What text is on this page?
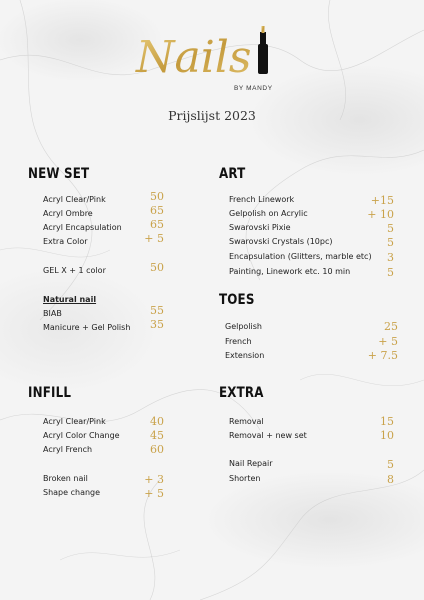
Nails
BY MANDY
Prijslijst 2023
NEW SET
Acryl Clear/Pink	50
Acryl Ombre	65
Acryl Encapsulation	65
Extra Color	+ 5
GEL X + 1 color	50
Natural nail
BIAB	55
Manicure + Gel Polish	35
ART
French Linework	+15
Gelpolish on Acrylic	+ 10
Swarovski Pixie	5
Swarovski Crystals (10pc)	5
Encapsulation (Glitters, marble etc)	3
Painting, Linework etc. 10 min	5
TOES
Gelpolish	25
French	+ 5
Extension	+ 7.5
INFILL
Acryl Clear/Pink	40
Acryl Color Change	45
Acryl French	60
Broken nail	+ 3
Shape change	+ 5
EXTRA
Removal	15
Removal + new set	10
Nail Repair	5
Shorten	8
